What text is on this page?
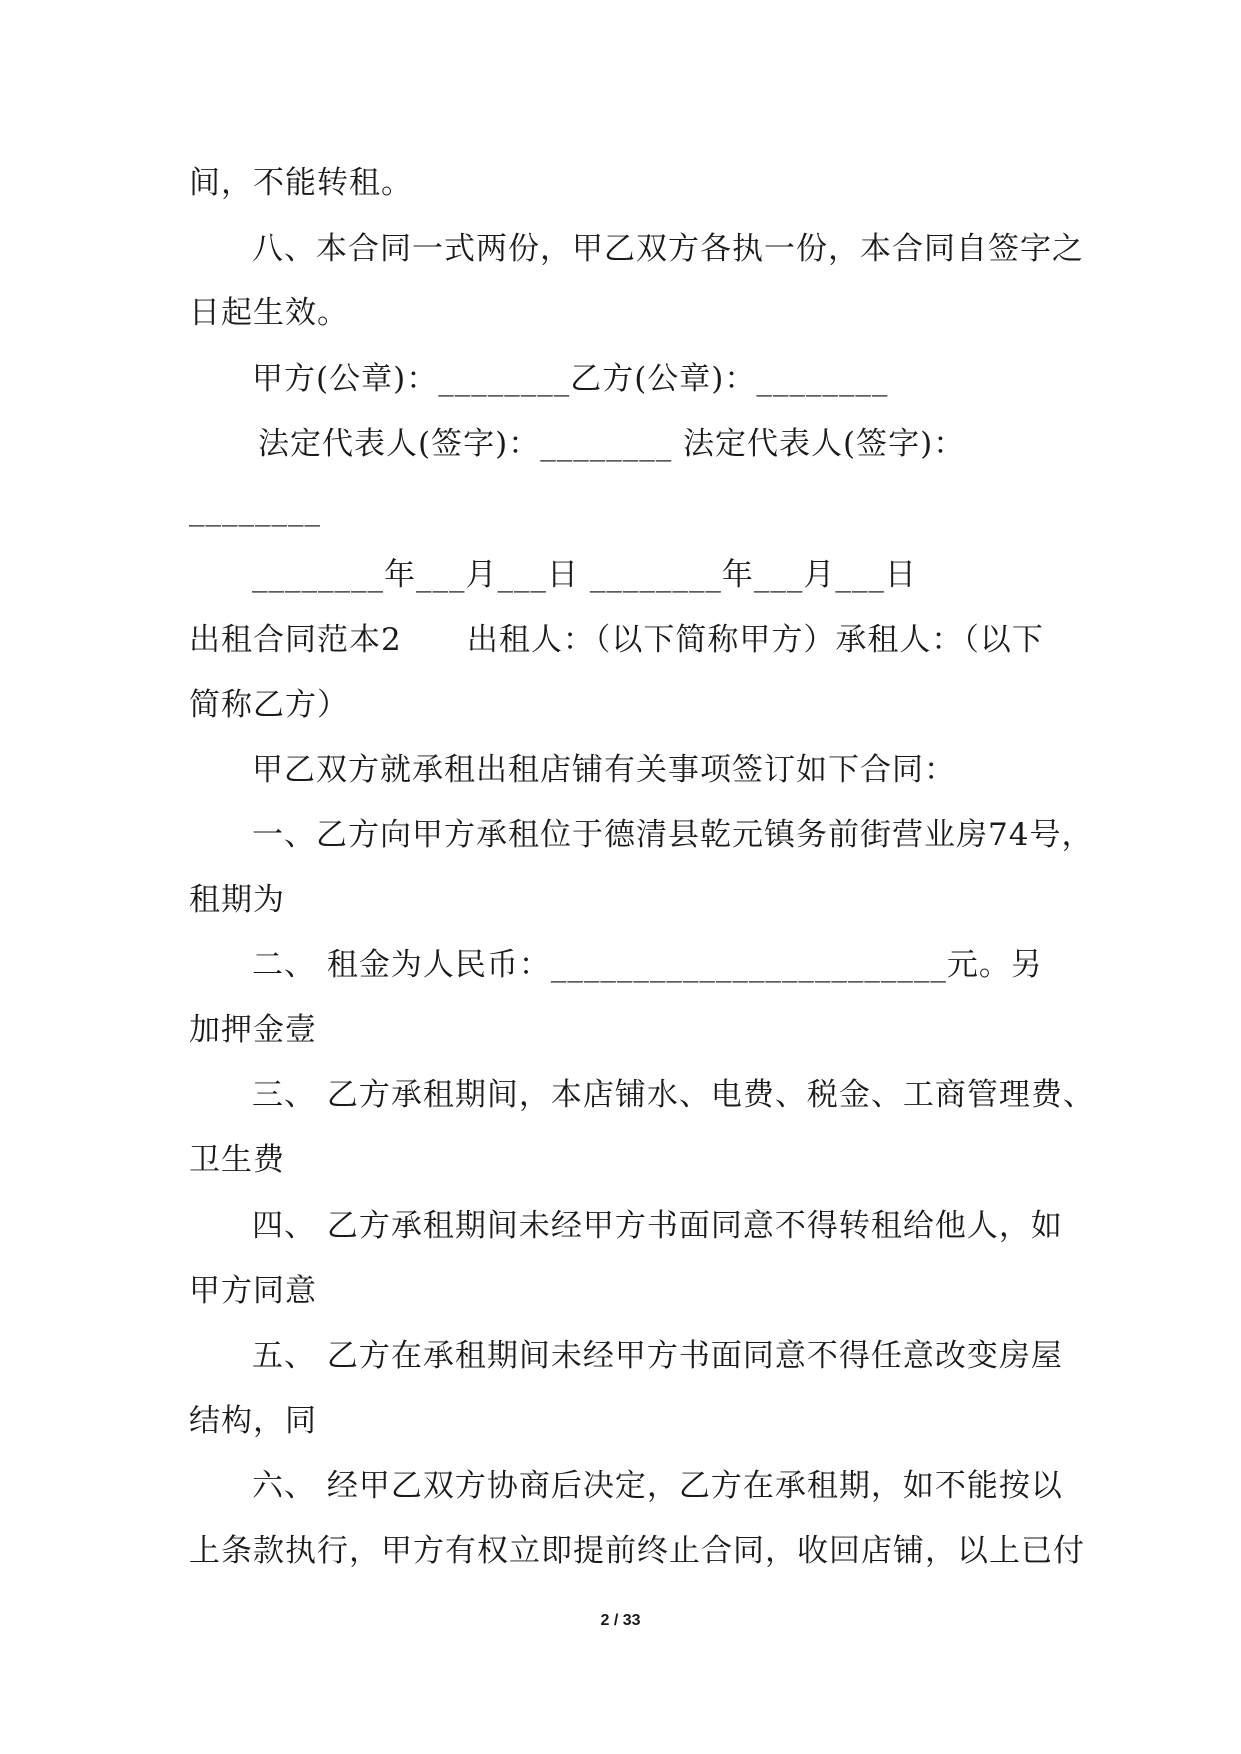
间，不能转租。
八、本合同一式两份，甲乙双方各执一份，本合同自签字之
日起生效。
甲方(公章)：________乙方(公章)：________
法定代表人(签字)：________ 法定代表人(签字)：
________
________年___月___日 ________年___月___日
出租合同范本2      出租人：（以下简称甲方）承租人：（以下
简称乙方）
甲乙双方就承租出租店铺有关事项签订如下合同：
一、乙方向甲方承租位于德清县乾元镇务前街营业房74号，
租期为
二、 租金为人民币：________________________元。另
加押金壹
三、 乙方承租期间，本店铺水、电费、税金、工商管理费、
卫生费
四、 乙方承租期间未经甲方书面同意不得转租给他人，如
甲方同意
五、 乙方在承租期间未经甲方书面同意不得任意改变房屋
结构，同
六、 经甲乙双方协商后决定，乙方在承租期，如不能按以
上条款执行，甲方有权立即提前终止合同，收回店铺，以上已付
2 / 33
